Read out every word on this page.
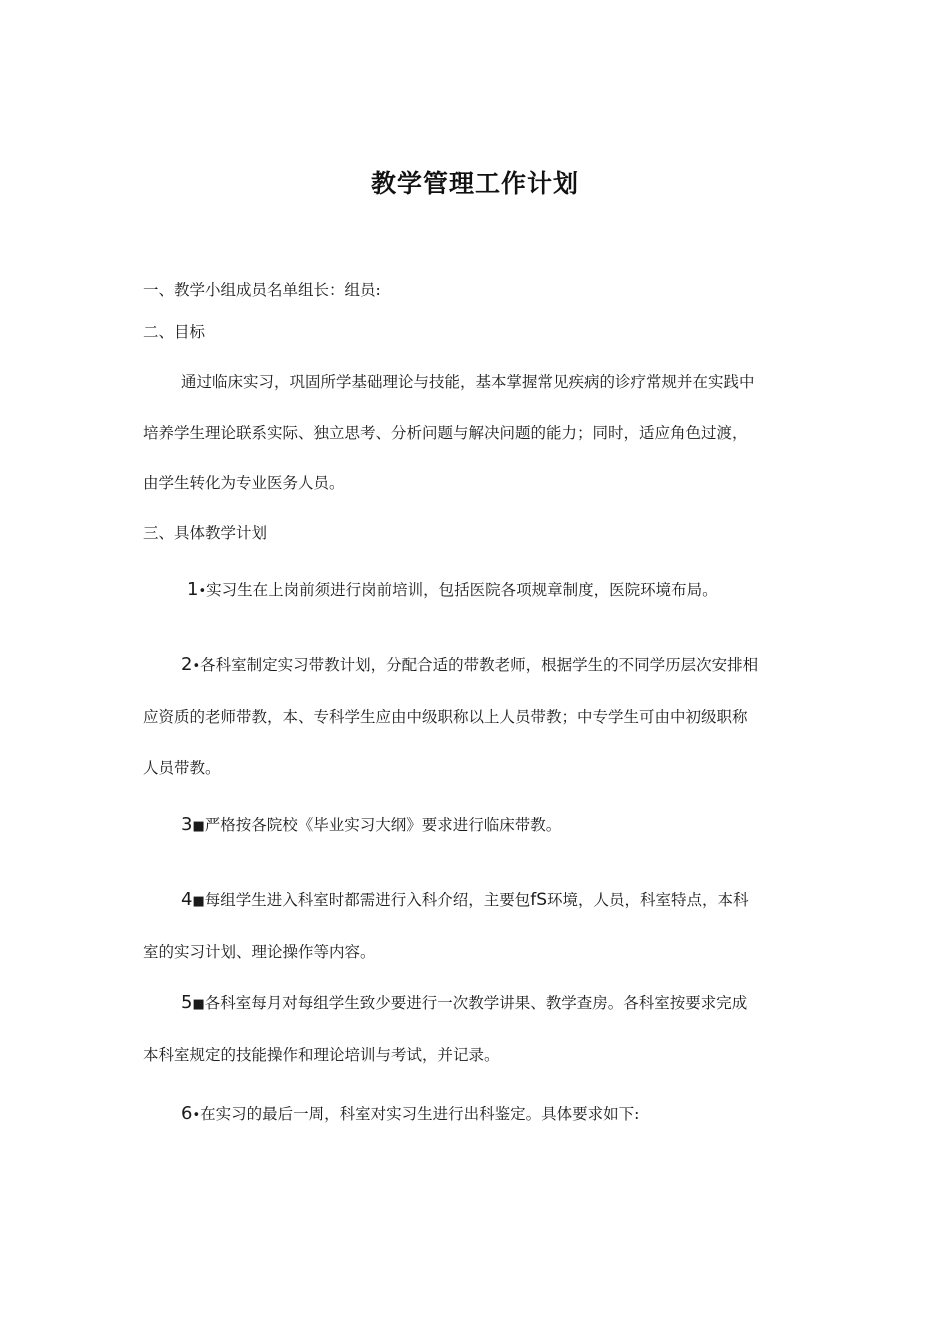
教学管理工作计划
一、教学小组成员名单组长：组员:
二、目标
通过临床实习，巩固所学基础理论与技能，基本掌握常见疾病的诊疗常规并在实践中
培养学生理论联系实际、独立思考、分析问题与解决问题的能力；同时，适应角色过渡，
由学生转化为专业医务人员。
三、具体教学计划
1•实习生在上岗前须进行岗前培训，包括医院各项规章制度，医院环境布局。
2•各科室制定实习带教计划，分配合适的带教老师，根据学生的不同学历层次安排相
应资质的老师带教，本、专科学生应由中级职称以上人员带教；中专学生可由中初级职称
人员带教。
3■严格按各院校《毕业实习大纲》要求进行临床带教。
4■每组学生进入科室时都需进行入科介绍，主要包fS环境，人员，科室特点，本科
室的实习计划、理论操作等内容。
5■各科室每月对每组学生致少要进行一次教学讲果、教学查房。各科室按要求完成
本科室规定的技能操作和理论培训与考试，并记录。
6•在实习的最后一周，科室对实习生进行出科鉴定。具体要求如下:
